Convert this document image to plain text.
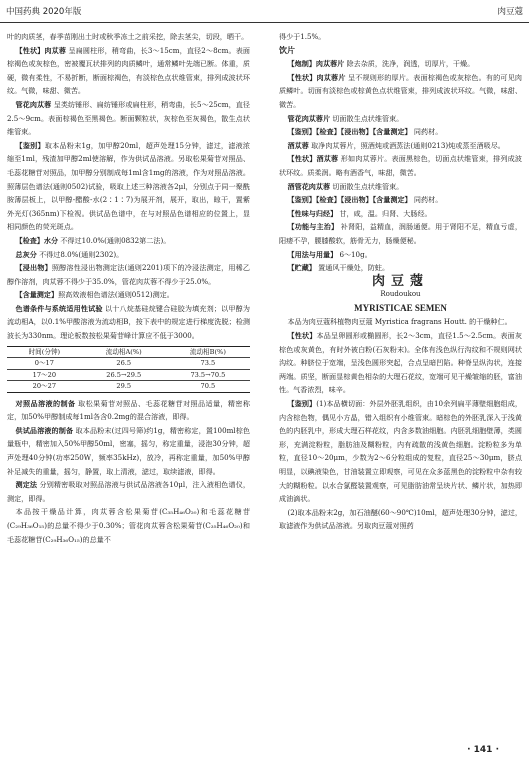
中国药典 2020年版	肉豆蔻

叶的肉质茎，春季苗刚出土时或秋季冻土之前采挖，除去茎尖，切段，晒干。

【性状】肉苁蓉 呈扁圆柱形，稍弯曲，长3～15cm，直径2～8cm。表面棕褐色或灰棕色，密被覆瓦状排列的肉质鳞叶，通常鳞叶先端已断。体重，质硬，微有柔性，不易折断，断面棕褐色，有淡棕色点状维管束，排列成波状环纹。气微，味甜、微苦。

管花肉苁蓉 呈类纺锤形、扁纺锤形或扁柱形，稍弯曲，长5～25cm，直径2.5～9cm。表面棕褐色至黑褐色。断面颗粒状，灰棕色至灰褐色，散生点状维管束。

【鉴别】取本品粉末1g，加甲醇20ml，超声处理15分钟，滤过，滤液浓缩至1ml，残渣加甲醇2ml使溶解，作为供试品溶液。另取松果菊苷对照品、毛蕊花糖苷对照品，加甲醇分别制成每1ml含1mg的溶液，作为对照品溶液。照薄层色谱法(通则0502)试验，吸取上述三种溶液各2μl，分别点于同一聚酰胺薄层板上，以甲醇-醋酸-水(2∶1∶7)为展开剂，展开，取出，晾干，置紫外光灯(365nm)下检视。供试品色谱中，在与对照品色谱相应的位置上，显相同颜色的荧光斑点。

【检查】水分 不得过10.0%(通则0832第二法)。

总灰分 不得过8.0%(通则2302)。

【浸出物】照醇溶性浸出物测定法(通则2201)项下的冷浸法测定，用稀乙醇作溶剂，肉苁蓉不得少于35.0%，管花肉苁蓉不得少于25.0%。

【含量测定】照高效液相色谱法(通则0512)测定。

色谱条件与系统适用性试验 以十八烷基硅烷键合硅胶为填充剂；以甲醇为流动相A，以0.1%甲酸溶液为流动相B，按下表中的规定进行梯度洗脱；检测波长为330nm。理论板数按松果菊苷峰计算应不低于3000。

时间(分钟)	流动相A(%)	流动相B(%)
0～17	26.5	73.5
17～20	26.5→29.5	73.5→70.5
20～27	29.5	70.5

对照品溶液的制备 取松果菊苷对照品、毛蕊花糖苷对照品适量，精密称定，加50%甲醇制成每1ml各含0.2mg的混合溶液，即得。

供试品溶液的制备 取本品粉末(过四号筛)约1g，精密称定，置100ml棕色量瓶中，精密加入50%甲醇50ml，密塞，摇匀，称定重量，浸泡30分钟，超声处理40分钟(功率250W，频率35kHz)，放冷，再称定重量，加50%甲醇补足减失的重量，摇匀，静置，取上清液，滤过，取续滤液，即得。

测定法 分别精密吸取对照品溶液与供试品溶液各10μl，注入液相色谱仪，测定，即得。

本品按干燥品计算，肉苁蓉含松果菊苷(C₃₅H₄₆O₂₀)和毛蕊花糖苷(C₂₉H₃₆O₁₅)的总量不得少于0.30%；管花肉苁蓉含松果菊苷(C₃₅H₄₆O₂₀)和毛蕊花糖苷(C₂₉H₃₆O₁₅)的总量不

得少于1.5%。

饮片

【炮制】肉苁蓉片 除去杂质，洗净，润透，切厚片，干燥。

【性状】肉苁蓉片 呈不规则形的厚片。表面棕褐色或灰棕色。有的可见肉质鳞叶。切面有淡棕色或棕黄色点状维管束，排列成波状环纹。气微，味甜、微苦。

管花肉苁蓉片 切面散生点状维管束。

【鉴别】【检查】【浸出物】【含量测定】 同药材。

酒苁蓉 取净肉苁蓉片，照酒炖或酒蒸法(通则0213)炖或蒸至酒吸尽。

【性状】酒苁蓉 形如肉苁蓉片。表面黑棕色，切面点状维管束，排列成波状环纹。质柔润。略有酒香气，味甜，微苦。

酒管花肉苁蓉 切面散生点状维管束。

【鉴别】【检查】【浸出物】【含量测定】 同药材。

【性味与归经】 甘，咸，温。归肾、大肠经。

【功能与主治】 补肾阳，益精血，润肠通便。用于肾阳不足，精血亏虚，阳痿不孕，腰膝酸软，筋骨无力，肠燥便秘。

【用法与用量】 6～10g。

【贮藏】 置通风干燥处，防蛀。

肉豆蔻

Roudoukou

MYRISTICAE SEMEN

本品为肉豆蔻科植物肉豆蔻 Myristica fragrans Houtt. 的干燥种仁。

【性状】本品呈卵圆形或椭圆形，长2～3cm，直径1.5～2.5cm。表面灰棕色或灰黄色，有时外被白粉(石灰粉末)。全体有浅色纵行沟纹和不规则网状沟纹。种脐位于宽端，呈浅色圆形突起，合点呈暗凹陷。种脊呈纵沟状，连接两端。质坚，断面显棕黄色相杂的大理石花纹，宽端可见干燥皱缩的胚，富油性。气香浓烈，味辛。

【鉴别】(1)本品横切面：外层外胚乳组织，由10余列扁平薄壁细胞组成，内含棕色物，偶见小方晶，错入组织有小维管束。暗棕色的外胚乳深入于浅黄色的内胚乳中，形成大理石样花纹，内含多数油细胞。内胚乳细胞壁薄，类圆形，充满淀粉粒，脂肪油及糊粉粒，内有疏散的浅黄色细胞。淀粉粒多为单粒，直径10～20μm，少数为2～6分粒组成的复粒，直径25～30μm，脐点明显，以碘液染色，甘油装置立即观察，可见在众多蓝黑色的淀粉粒中杂有较大的糊粉粒。以水合氯醛装置观察，可见脂肪油常呈块片状、鳞片状，加热即成油滴状。

(2)取本品粉末2g，加石油醚(60～90℃)10ml，超声处理30分钟，滤过，取滤液作为供试品溶液。另取肉豆蔻对照药

· 141 ·
